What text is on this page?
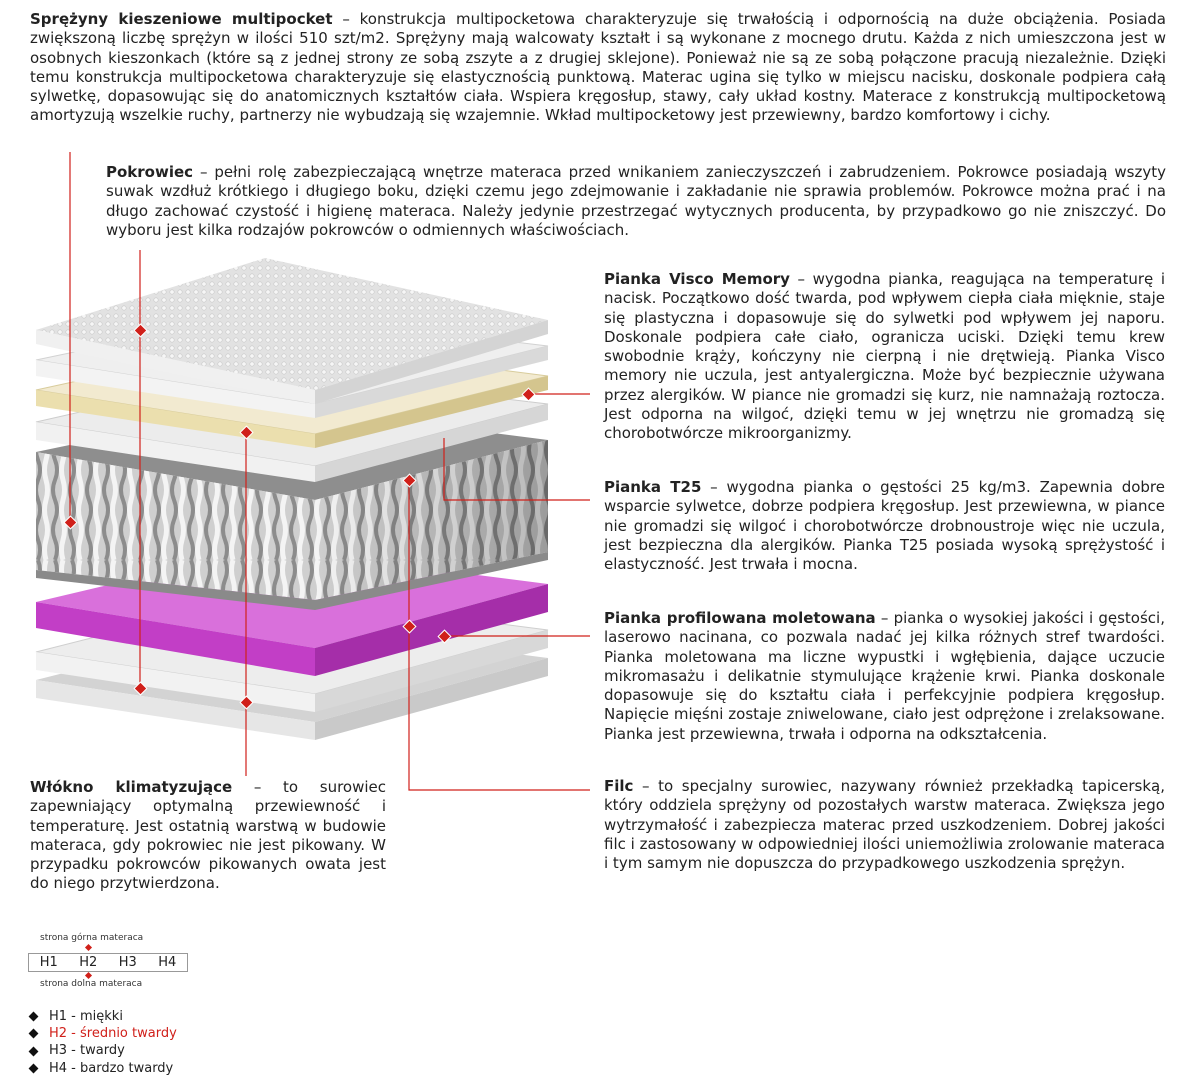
Sprężyny kieszeniowe multipocket – konstrukcja multipocketowa charakteryzuje się trwałością i odpornością na duże obciążenia. Posiada zwiększoną liczbę sprężyn w ilości 510 szt/m2. Sprężyny mają walcowaty kształt i są wykonane z mocnego drutu. Każda z nich umieszczona jest w osobnych kieszonkach (które są z jednej strony ze sobą zszyte a z drugiej sklejone). Ponieważ nie są ze sobą połączone pracują niezależnie. Dzięki temu konstrukcja multipocketowa charakteryzuje się elastycznością punktową. Materac ugina się tylko w miejscu nacisku, doskonale podpiera całą sylwetkę, dopasowując się do anatomicznych kształtów ciała. Wspiera kręgosłup, stawy, cały układ kostny. Materace z konstrukcją multipocketową amortyzują wszelkie ruchy, partnerzy nie wybudzają się wzajemnie. Wkład multipocketowy jest przewiewny, bardzo komfortowy i cichy.

Pokrowiec – pełni rolę zabezpieczającą wnętrze materaca przed wnikaniem zanieczyszczeń i zabrudzeniem. Pokrowce posiadają wszyty suwak wzdłuż krótkiego i długiego boku, dzięki czemu jego zdejmowanie i zakładanie nie sprawia problemów. Pokrowce można prać i na długo zachować czystość i higienę materaca. Należy jedynie przestrzegać wytycznych producenta, by przypadkowo go nie zniszczyć. Do wyboru jest kilka rodzajów pokrowców o odmiennych właściwościach.

Pianka Visco Memory – wygodna pianka, reagująca na temperaturę i nacisk. Początkowo dość twarda, pod wpływem ciepła ciała mięknie, staje się plastyczna i dopasowuje się do sylwetki pod wpływem jej naporu. Doskonale podpiera całe ciało, ogranicza uciski. Dzięki temu krew swobodnie krąży, kończyny nie cierpną i nie drętwieją. Pianka Visco memory nie uczula, jest antyalergiczna. Może być bezpiecznie używana przez alergików. W piance nie gromadzi się kurz, nie namnażają roztocza. Jest odporna na wilgoć, dzięki temu w jej wnętrzu nie gromadzą się chorobotwórcze mikroorganizmy.

Pianka T25 – wygodna pianka o gęstości 25 kg/m3. Zapewnia dobre wsparcie sylwetce, dobrze podpiera kręgosłup. Jest przewiewna, w piance nie gromadzi się wilgoć i chorobotwórcze drobnoustroje więc nie uczula, jest bezpieczna dla alergików. Pianka T25 posiada wysoką sprężystość i elastyczność. Jest trwała i mocna.

Pianka profilowana moletowana – pianka o wysokiej jakości i gęstości, laserowo nacinana, co pozwala nadać jej kilka różnych stref twardości. Pianka moletowana ma liczne wypustki i wgłębienia, dające uczucie mikromasażu i delikatnie stymulujące krążenie krwi. Pianka doskonale dopasowuje się do kształtu ciała i perfekcyjnie podpiera kręgosłup. Napięcie mięśni zostaje zniwelowane, ciało jest odprężone i zrelaksowane. Pianka jest przewiewna, trwała i odporna na odkształcenia.

Filc – to specjalny surowiec, nazywany również przekładką tapicerską, który oddziela sprężyny od pozostałych warstw materaca. Zwiększa jego wytrzymałość i zabezpiecza materac przed uszkodzeniem. Dobrej jakości filc i zastosowany w odpowiedniej ilości uniemożliwia zrolowanie materaca i tym samym nie dopuszcza do przypadkowego uszkodzenia sprężyn.

Włókno klimatyzujące – to surowiec zapewniający optymalną przewiewność i temperaturę. Jest ostatnią warstwą w budowie materaca, gdy pokrowiec nie jest pikowany. W przypadku pokrowców pikowanych owata jest do niego przytwierdzona.

strona górna materaca
H1	H2	H3	H4
strona dolna materaca
H1 - miękki
H2 - średnio twardy
H3 - twardy
H4 - bardzo twardy
